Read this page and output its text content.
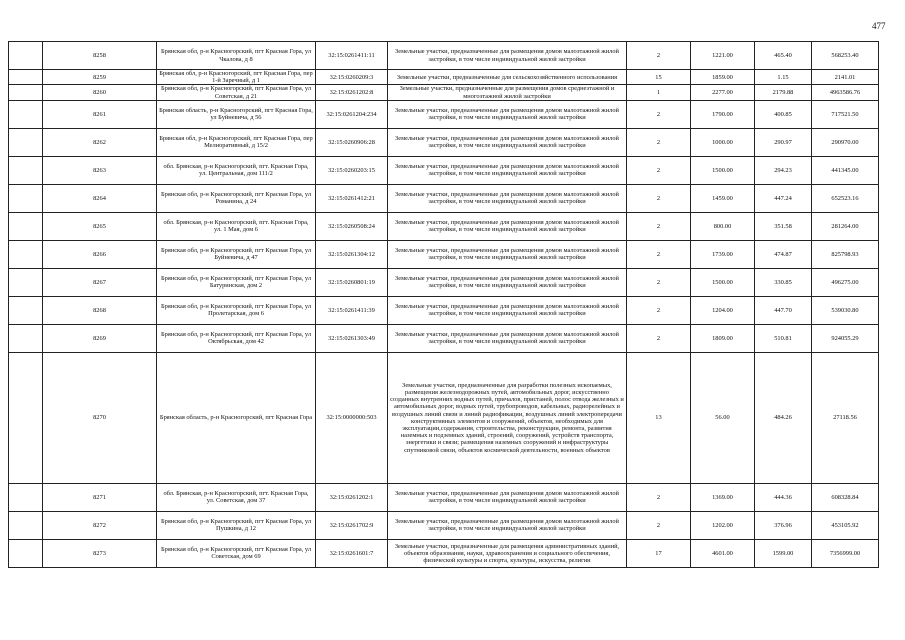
477
	8258	Брянская обл, р-н Красногорский, пгт Красная Гора, ул Чкалова, д 8	32:15:0261411:11	Земельные участки, предназначенные для размещения домов малоэтажной жилой застройки, в том числе индивидуальной жилой застройки	2	1221.00	465.40	568253.40
	8259	Брянская обл, р-н Красногорский, пгт Красная Гора, пер 1-й Заречный, д 1	32:15:0260209:3	Земельные участки, предназначенные для сельскохозяйственного использования	15	1859.00	1.15	2141.01
	8260	Брянская обл, р-н Красногорский, пгт Красная Гора, ул Советская, д 21	32:15:0261202:8	Земельные участки, предназначенные для размещения домов среднеэтажной и многоэтажной жилой застройки	1	2277.00	2179.88	4963586.76
	8261	Брянская область, р-н Красногорский, пгт Красная Гора, ул Буйневича, д 56	32:15:0261204:234	Земельные участки, предназначенные для размещения домов малоэтажной жилой застройки, в том числе индивидуальной жилой застройки	2	1790.00	400.85	717521.50
	8262	Брянская обл, р-н Красногорский, пгт Красная Гора, пер Мелиоративный, д 15/2	32:15:0260906:28	Земельные участки, предназначенные для размещения домов малоэтажной жилой застройки, в том числе индивидуальной жилой застройки	2	1000.00	290.97	290970.00
	8263	обл. Брянская, р-н Красногорский, пгт. Красная Гора, ул. Центральная, дом 111/2	32:15:0260203:15	Земельные участки, предназначенные для размещения домов малоэтажной жилой застройки, в том числе индивидуальной жилой застройки	2	1500.00	294.23	441345.00
	8264	Брянская обл, р-н Красногорский, пгт Красная Гора, ул Романина, д 24	32:15:0261412:21	Земельные участки, предназначенные для размещения домов малоэтажной жилой застройки, в том числе индивидуальной жилой застройки	2	1459.00	447.24	652523.16
	8265	обл. Брянская, р-н Красногорский, пгт. Красная Гора, ул. 1 Мая, дом 6	32:15:0260508:24	Земельные участки, предназначенные для размещения домов малоэтажной жилой застройки, в том числе индивидуальной жилой застройки	2	800.00	351.58	281264.00
	8266	Брянская обл, р-н Красногорский, пгт Красная Гора, ул Буйневича, д 47	32:15:0261304:12	Земельные участки, предназначенные для размещения домов малоэтажной жилой застройки, в том числе индивидуальной жилой застройки	2	1739.00	474.87	825798.93
	8267	Брянская обл, р-н Красногорский, пгт Красная Гора, ул Батуринская, дом 2	32:15:0260801:19	Земельные участки, предназначенные для размещения домов малоэтажной жилой застройки, в том числе индивидуальной жилой застройки	2	1500.00	330.85	496275.00
	8268	Брянская обл, р-н Красногорский, пгт Красная Гора, ул Пролетарская, дом 6	32:15:0261411:39	Земельные участки, предназначенные для размещения домов малоэтажной жилой застройки, в том числе индивидуальной жилой застройки	2	1204.00	447.70	539030.80
	8269	Брянская обл, р-н Красногорский, пгт Красная Гора, ул Октябрьская, дом 42	32:15:0261303:49	Земельные участки, предназначенные для размещения домов малоэтажной жилой застройки, в том числе индивидуальной жилой застройки	2	1809.00	510.81	924055.29
	8270	Брянская область, р-н Красногорский, пгт Красная Гора	32:15:0000000:503	Земельные участки, предназначенные для разработки полезных ископаемых, размещения железнодорожных путей, автомобильных дорог, искусственно созданных внутренних водных путей, причалов, пристаней, полос отвода железных и автомобильных дорог, водных путей, трубопроводов, кабельных, радиорелейных и воздушных линий связи и линий радиофикации, воздушных линий электропередачи конструктивных элементов и сооружений, объектов, необходимых для эксплуатации,содержания, строительства, реконструкции, ремонта, развития наземных и подземных зданий, строений, сооружений, устройств транспорта, энергетики и связи; размещения наземных сооружений и инфраструктуры спутниковой связи, объектов космической деятельности, военных объектов	13	56.00	484.26	27118.56
	8271	обл. Брянская, р-н Красногорский, пгт. Красная Гора, ул. Советская, дом 37	32:15:0261202:1	Земельные участки, предназначенные для размещения домов малоэтажной жилой застройки, в том числе индивидуальной жилой застройки	2	1369.00	444.36	608328.84
	8272	Брянская обл, р-н Красногорский, пгт Красная Гора, ул Пушкина, д 12	32:15:0261702:9	Земельные участки, предназначенные для размещения домов малоэтажной жилой застройки, в том числе индивидуальной жилой застройки	2	1202.00	376.96	453105.92
	8273	Брянская обл, р-н Красногорский, пгт Красная Гора, ул Советская, дом 69	32:15:0261601:7	Земельные участки, предназначенные для размещения административных зданий, объектов образования, науки, здравоохранения и социального обеспечения, физической культуры и спорта, культуры, искусства, религии	17	4601.00	1599.00	7356999.00
